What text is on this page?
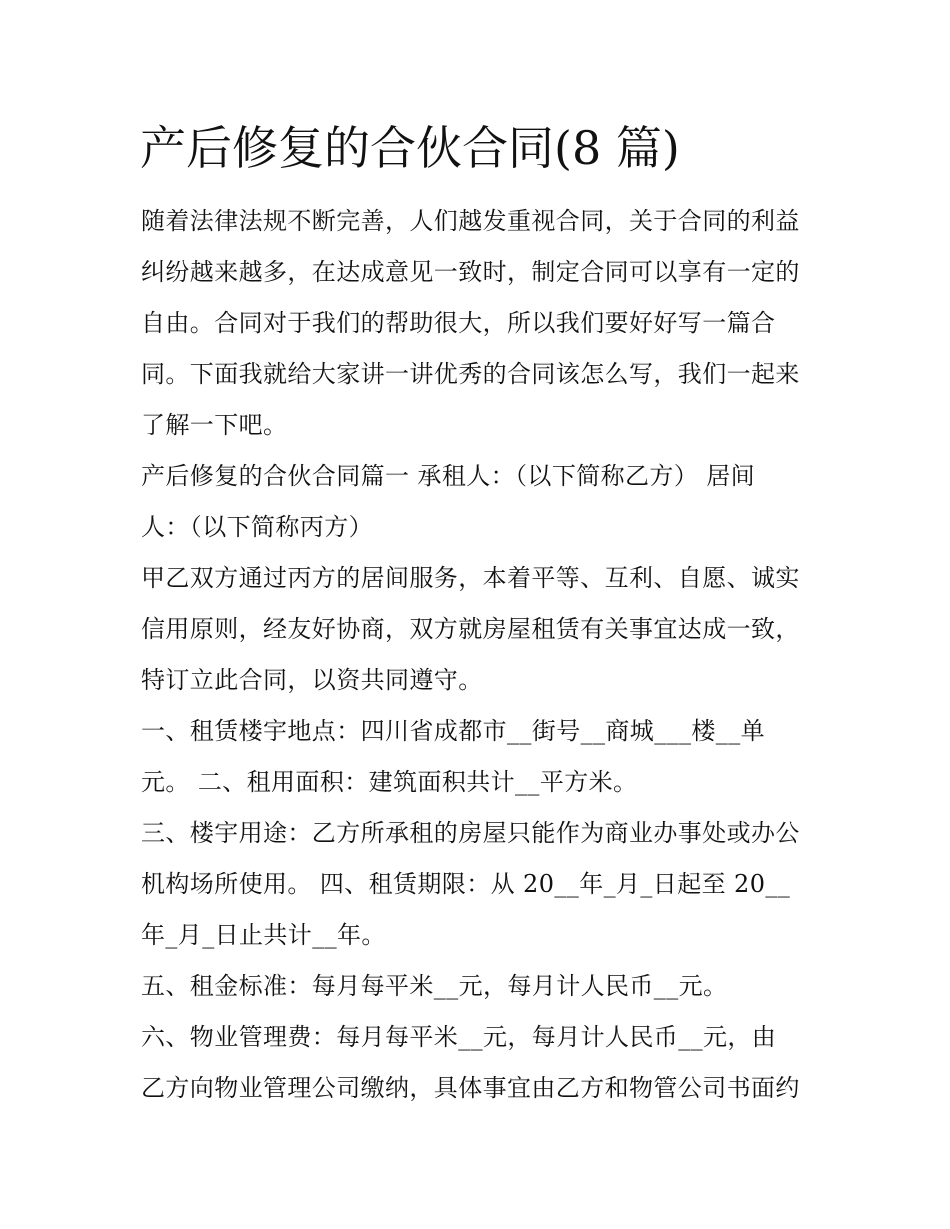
产后修复的合伙合同(8 篇)

随着法律法规不断完善，人们越发重视合同，关于合同的利益

纠纷越来越多，在达成意见一致时，制定合同可以享有一定的

自由。合同对于我们的帮助很大，所以我们要好好写一篇合

同。下面我就给大家讲一讲优秀的合同该怎么写，我们一起来

了解一下吧。

产后修复的合伙合同篇一 承租人：（以下简称乙方） 居间

人：（以下简称丙方）

甲乙双方通过丙方的居间服务，本着平等、互利、自愿、诚实

信用原则，经友好协商，双方就房屋租赁有关事宜达成一致，

特订立此合同，以资共同遵守。

一、租赁楼宇地点：四川省成都市__街号__商城___楼__单

元。 二、租用面积：建筑面积共计__平方米。

三、楼宇用途：乙方所承租的房屋只能作为商业办事处或办公

机构场所使用。 四、租赁期限：从 20__年_月_日起至 20__

年_月_日止共计__年。

五、租金标准：每月每平米__元，每月计人民币__元。

六、物业管理费：每月每平米__元，每月计人民币__元，由

乙方向物业管理公司缴纳，具体事宜由乙方和物管公司书面约
